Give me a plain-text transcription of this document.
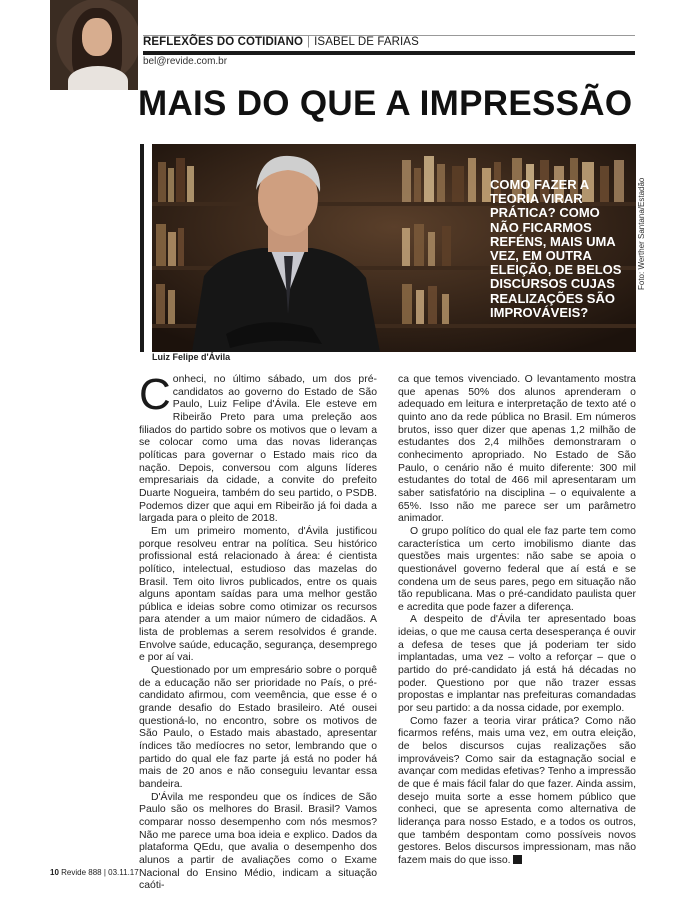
REFLEXÕES DO COTIDIANO | ISABEL DE FARIAS
bel@revide.com.br
MAIS DO QUE A IMPRESSÃO
COMO FAZER A TEORIA VIRAR PRÁTICA? COMO NÃO FICARMOS REFÉNS, MAIS UMA VEZ, EM OUTRA ELEIÇÃO, DE BELOS DISCURSOS CUJAS REALIZAÇÕES SÃO IMPROVÁVEIS?
Foto: Werther Santana/Estadão
Luiz Felipe d'Ávila

Conheci, no último sábado, um dos pré-candidatos ao governo do Estado de São Paulo, Luiz Felipe d'Ávila. Ele esteve em Ribeirão Preto para uma preleção aos filiados do partido sobre os motivos que o levam a se colocar como uma das novas lideranças políticas para governar o Estado mais rico da nação. Depois, conversou com alguns líderes empresariais da cidade, a convite do prefeito Duarte Nogueira, também do seu partido, o PSDB. Podemos dizer que aqui em Ribeirão já foi dada a largada para o pleito de 2018.

Em um primeiro momento, d'Ávila justificou porque resolveu entrar na política. Seu histórico profissional está relacionado à área: é cientista político, intelectual, estudioso das mazelas do Brasil. Tem oito livros publicados, entre os quais alguns apontam saídas para uma melhor gestão pública e ideias sobre como otimizar os recursos para atender a um maior número de cidadãos. A lista de problemas a serem resolvidos é grande. Envolve saúde, educação, segurança, desemprego e por aí vai.

Questionado por um empresário sobre o porquê de a educação não ser prioridade no País, o pré-candidato afirmou, com veemência, que esse é o grande desafio do Estado brasileiro. Até ousei questioná-lo, no encontro, sobre os motivos de São Paulo, o Estado mais abastado, apresentar índices tão medíocres no setor, lembrando que o partido do qual ele faz parte já está no poder há mais de 20 anos e não conseguiu levantar essa bandeira.

D'Ávila me respondeu que os índices de São Paulo são os melhores do Brasil. Brasil? Vamos comparar nosso desempenho com nós mesmos? Não me parece uma boa ideia e explico. Dados da plataforma QEdu, que avalia o desempenho dos alunos a partir de avaliações como o Exame Nacional do Ensino Médio, indicam a situação caóti-

ca que temos vivenciado. O levantamento mostra que apenas 50% dos alunos aprenderam o adequado em leitura e interpretação de texto até o quinto ano da rede pública no Brasil. Em números brutos, isso quer dizer que apenas 1,2 milhão de estudantes dos 2,4 milhões demonstraram o conhecimento apropriado. No Estado de São Paulo, o cenário não é muito diferente: 300 mil estudantes do total de 466 mil apresentaram um saber satisfatório na disciplina – o equivalente a 65%. Isso não me parece ser um parâmetro animador.

O grupo político do qual ele faz parte tem como característica um certo imobilismo diante das questões mais urgentes: não sabe se apoia o questionável governo federal que aí está e se condena um de seus pares, pego em situação não tão republicana. Mas o pré-candidato paulista quer e acredita que pode fazer a diferença.

A despeito de d'Ávila ter apresentado boas ideias, o que me causa certa desesperança é ouvir a defesa de teses que já poderiam ter sido implantadas, uma vez – volto a reforçar – que o partido do pré-candidato já está há décadas no poder. Questiono por que não trazer essas propostas e implantar nas prefeituras comandadas por seu partido: a da nossa cidade, por exemplo.

Como fazer a teoria virar prática? Como não ficarmos reféns, mais uma vez, em outra eleição, de belos discursos cujas realizações são improváveis? Como sair da estagnação social e avançar com medidas efetivas? Tenho a impressão de que é mais fácil falar do que fazer. Ainda assim, desejo muita sorte a esse homem público que conheci, que se apresenta como alternativa de liderança para nosso Estado, e a todos os outros, que também despontam como possíveis novos gestores. Belos discursos impressionam, mas não fazem mais do que isso.

10 Revide 888 | 03.11.17
